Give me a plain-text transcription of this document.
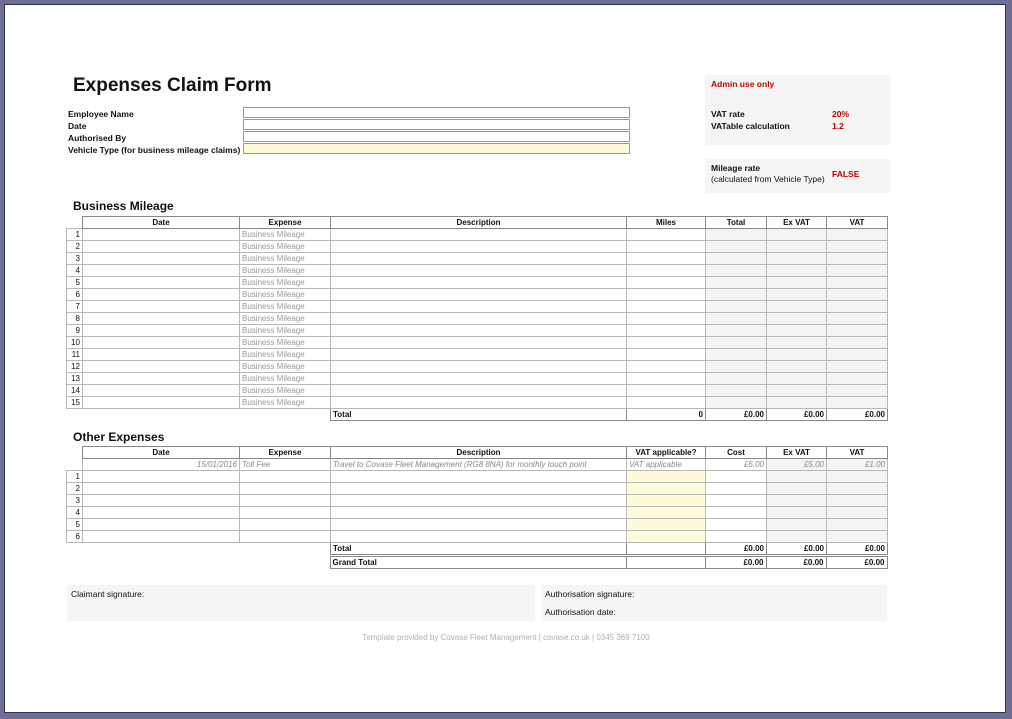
Expenses Claim Form
Employee Name
Date
Authorised By
Vehicle Type (for business mileage claims)
Admin use only
VAT rate	20%
VATable calculation	1.2
Mileage rate
(calculated from Vehicle Type) FALSE
Business Mileage
	Date	Expense	Description	Miles	Total	Ex VAT	VAT
1		Business Mileage					
2		Business Mileage					
3		Business Mileage					
4		Business Mileage					
5		Business Mileage					
6		Business Mileage					
7		Business Mileage					
8		Business Mileage					
9		Business Mileage					
10		Business Mileage					
11		Business Mileage					
12		Business Mileage					
13		Business Mileage					
14		Business Mileage					
15		Business Mileage					
			Total	0	£0.00	£0.00	£0.00
Other Expenses
	Date	Expense	Description	VAT applicable?	Cost	Ex VAT	VAT
	15/01/2016	Toll Fee	Travel to Covase Fleet Management (RG8 8NA) for monthly touch point	VAT applicable	£6.00	£5.00	£1.00
1							
2							
3							
4							
5							
6							
			Total		£0.00	£0.00	£0.00
			Grand Total		£0.00	£0.00	£0.00
Claimant signature:	Authorisation signature:
Authorisation date:
Template provided by Covase Fleet Management | covase.co.uk | 0345 369 7100
